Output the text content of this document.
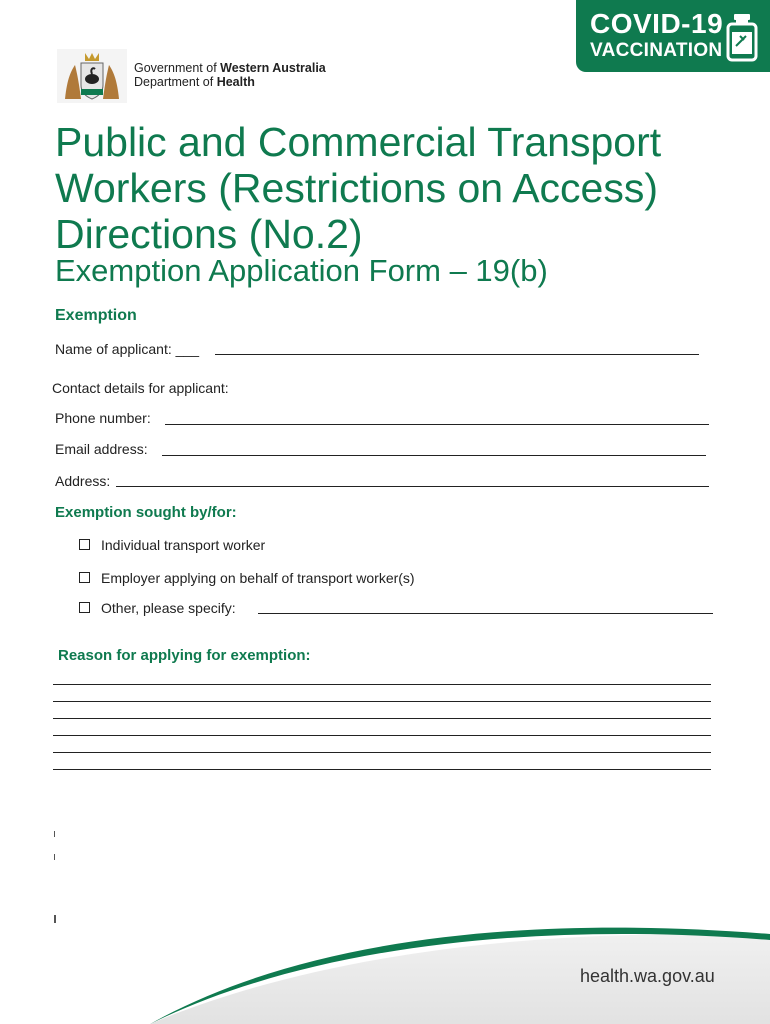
Government of Western Australia
Department of Health
COVID-19
VACCINATION
Public and Commercial Transport Workers (Restrictions on Access) Directions (No.2)
Exemption Application Form – 19(b)
Exemption
Name of applicant: ___
Contact details for applicant:
Phone number:
Email address:
Address:
Exemption sought by/for:
Individual transport worker
Employer applying on behalf of transport worker(s)
Other, please specify:
Reason for applying for exemption:
health.wa.gov.au
